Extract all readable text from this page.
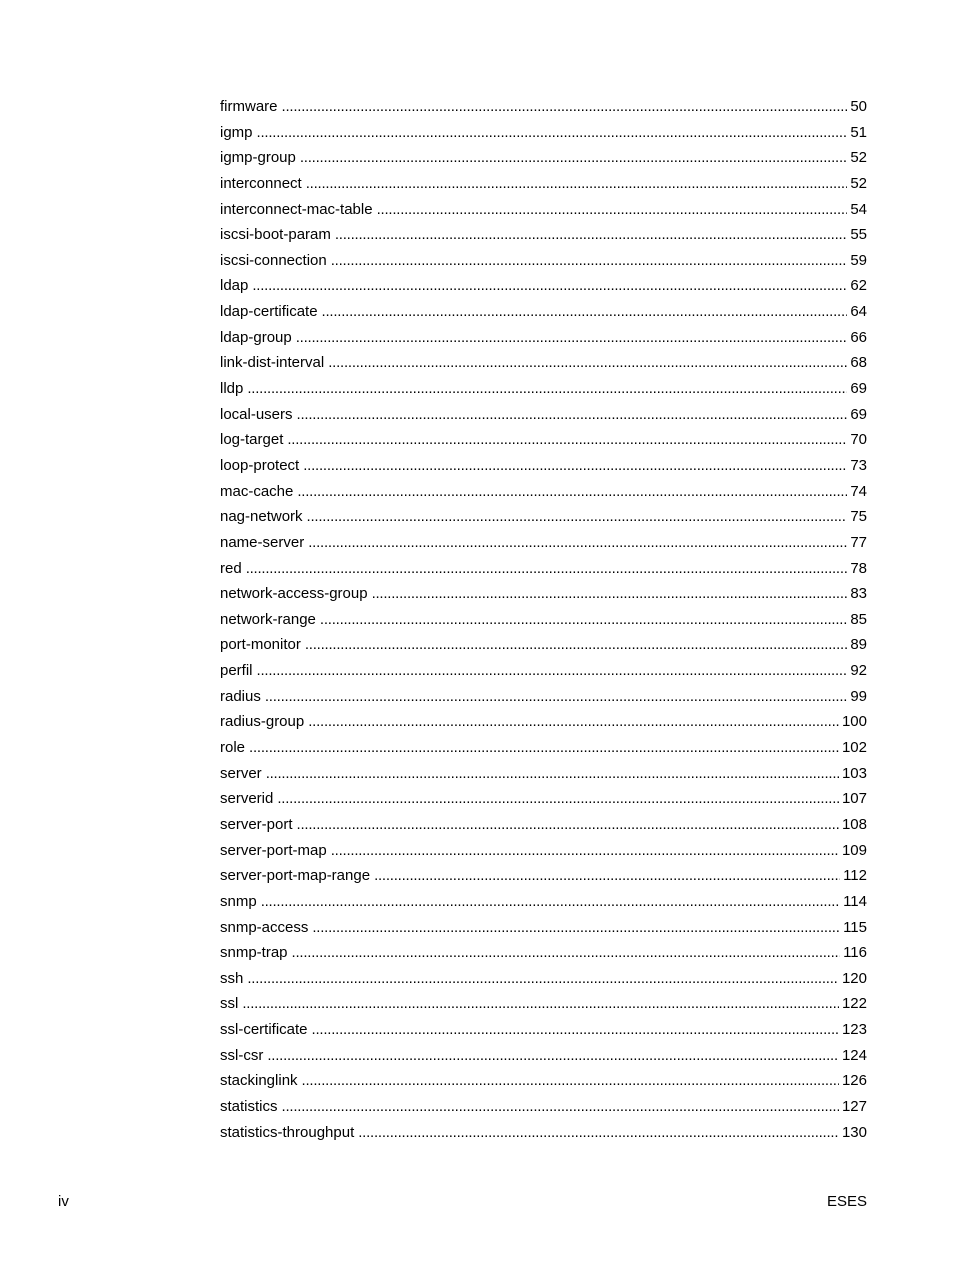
firmware . . .	50
igmp . . .	51
igmp-group . . .	52
interconnect . . .	52
interconnect-mac-table . . .	54
iscsi-boot-param . . .	55
iscsi-connection . . .	59
ldap . . .	62
ldap-certificate . . .	64
ldap-group . . .	66
link-dist-interval . . .	68
lldp . . .	69
local-users . . .	69
log-target . . .	70
loop-protect . . .	73
mac-cache . . .	74
nag-network . . .	75
name-server . . .	77
red . . .	78
network-access-group . . .	83
network-range . . .	85
port-monitor . . .	89
perfil . . .	92
radius . . .	99
radius-group . . .	100
role . . .	102
server . . .	103
serverid . . .	107
server-port . . .	108
server-port-map . . .	109
server-port-map-range . . .	112
snmp . . .	114
snmp-access . . .	115
snmp-trap . . .	116
ssh . . .	120
ssl . . .	122
ssl-certificate . . .	123
ssl-csr . . .	124
stackinglink . . .	126
statistics . . .	127
statistics-throughput . . .	130
iv	ESES
